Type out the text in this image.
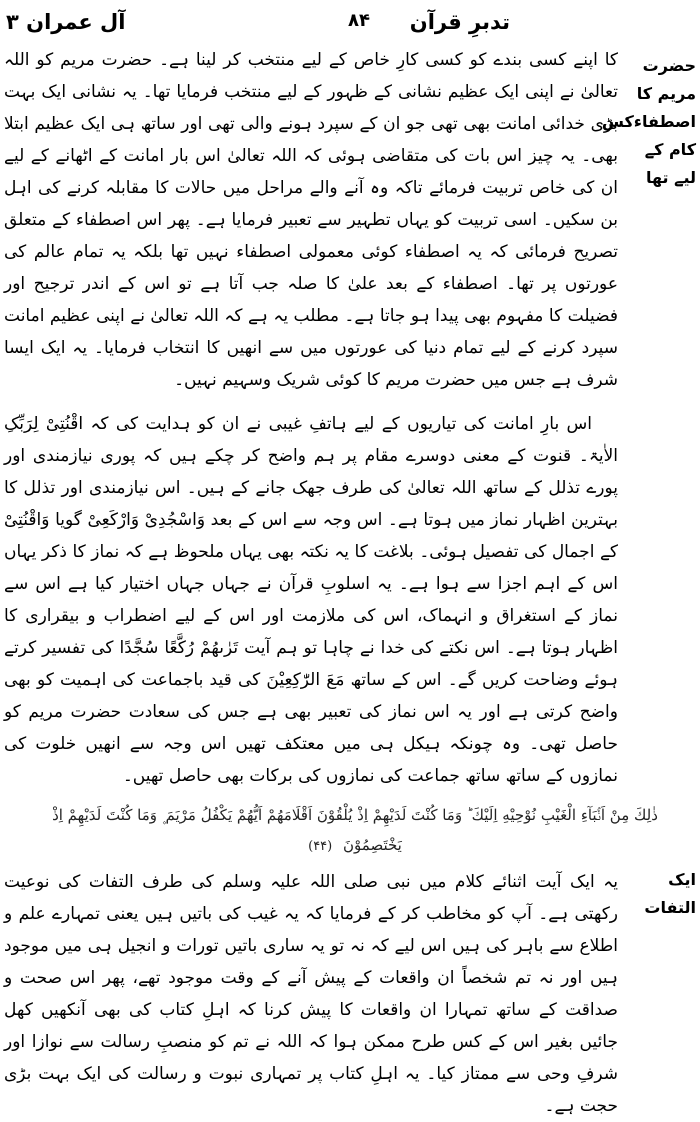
تدبرِ قرآن
۸۴
آل عمران ۳
حضرت مریم کا اصطفاءکس کام کے لیے تھا
ایک التفات

کا اپنے کسی بندے کو کسی کارِ خاص کے لیے منتخب کر لینا ہے۔ حضرت مریم کو اللہ تعالیٰ نے اپنی ایک عظیم نشانی کے ظہور کے لیے منتخب فرمایا تھا۔ یہ نشانی ایک بہت بڑی خدائی امانت بھی تھی جو ان کے سپرد ہونے والی تھی اور ساتھ ہی ایک عظیم ابتلا بھی۔ یہ چیز اس بات کی متقاضی ہوئی کہ اللہ تعالیٰ اس بار امانت کے اٹھانے کے لیے ان کی خاص تربیت فرمائے تاکہ وہ آنے والے مراحل میں حالات کا مقابلہ کرنے کی اہل بن سکیں۔ اسی تربیت کو یہاں تطہیر سے تعبیر فرمایا ہے۔ پھر اس اصطفاء کے متعلق تصریح فرمائی کہ یہ اصطفاء کوئی معمولی اصطفاء نہیں تھا بلکہ یہ تمام عالم کی عورتوں پر تھا۔ اصطفاء کے بعد علیٰ کا صلہ جب آتا ہے تو اس کے اندر ترجیح اور فضیلت کا مفہوم بھی پیدا ہو جاتا ہے۔ مطلب یہ ہے کہ اللہ تعالیٰ نے اپنی عظیم امانت سپرد کرنے کے لیے تمام دنیا کی عورتوں میں سے انھیں کا انتخاب فرمایا۔ یہ ایک ایسا شرف ہے جس میں حضرت مریم کا کوئی شریک وسہیم نہیں۔

اس بارِ امانت کی تیاریوں کے لیے ہاتفِ غیبی نے ان کو ہدایت کی کہ اقْنُتِیْ لِرَبِّکِ الاٰیۃ۔ قنوت کے معنی دوسرے مقام پر ہم واضح کر چکے ہیں کہ پوری نیازمندی اور پورے تذلل کے ساتھ اللہ تعالیٰ کی طرف جھک جانے کے ہیں۔ اس نیازمندی اور تذلل کا بہترین اظہار نماز میں ہوتا ہے۔ اس وجہ سے اس کے بعد وَاسْجُدِیْ وَارْکَعِیْ گویا وَاقْنُتِیْ کے اجمال کی تفصیل ہوئی۔ بلاغت کا یہ نکتہ بھی یہاں ملحوظ ہے کہ نماز کا ذکر یہاں اس کے اہم اجزا سے ہوا ہے۔ یہ اسلوبِ قرآن نے جہاں جہاں اختیار کیا ہے اس سے نماز کے استغراق و انہماک، اس کی ملازمت اور اس کے لیے اضطراب و بیقراری کا اظہار ہوتا ہے۔ اس نکتے کی خدا نے چاہا تو ہم آیت تَرٰىهُمْ رُكَّعًا سُجَّدًا کی تفسیر کرتے ہوئے وضاحت کریں گے۔ اس کے ساتھ مَعَ الرّٰكِعِیْنَ کی قید باجماعت کی اہمیت کو بھی واضح کرتی ہے اور یہ اس نماز کی تعبیر بھی ہے جس کی سعادت حضرت مریم کو حاصل تھی۔ وہ چونکہ ہیکل ہی میں معتکف تھیں اس وجہ سے انھیں خلوت کی نمازوں کے ساتھ ساتھ جماعت کی نمازوں کی برکات بھی حاصل تھیں۔

ذٰلِكَ مِنْ اَنْۢبَآءِ الْغَیْبِ نُوْحِیْهِ اِلَیْكَ ؕ وَمَا كُنْتَ لَدَیْهِمْ اِذْ یُلْقُوْنَ اَقْلَامَهُمْ اَیُّهُمْ یَكْفُلُ مَرْیَمَ ۪ وَمَا كُنْتَ لَدَیْهِمْ اِذْ یَخْتَصِمُوْنَ (۴۴)

یہ ایک آیت اثنائے کلام میں نبی صلی اللہ علیہ وسلم کی طرف التفات کی نوعیت رکھتی ہے۔ آپ کو مخاطب کر کے فرمایا کہ یہ غیب کی باتیں ہیں یعنی تمہارے علم و اطلاع سے باہر کی ہیں اس لیے کہ نہ تو یہ ساری باتیں تورات و انجیل ہی میں موجود ہیں اور نہ تم شخصاً ان واقعات کے پیش آنے کے وقت موجود تھے، پھر اس صحت و صداقت کے ساتھ تمہارا ان واقعات کا پیش کرنا کہ اہلِ کتاب کی بھی آنکھیں کھل جائیں بغیر اس کے کس طرح ممکن ہوا کہ اللہ نے تم کو منصبِ رسالت سے نوازا اور شرفِ وحی سے ممتاز کیا۔ یہ اہلِ کتاب پر تمہاری نبوت و رسالت کی ایک بہت بڑی حجت ہے۔
